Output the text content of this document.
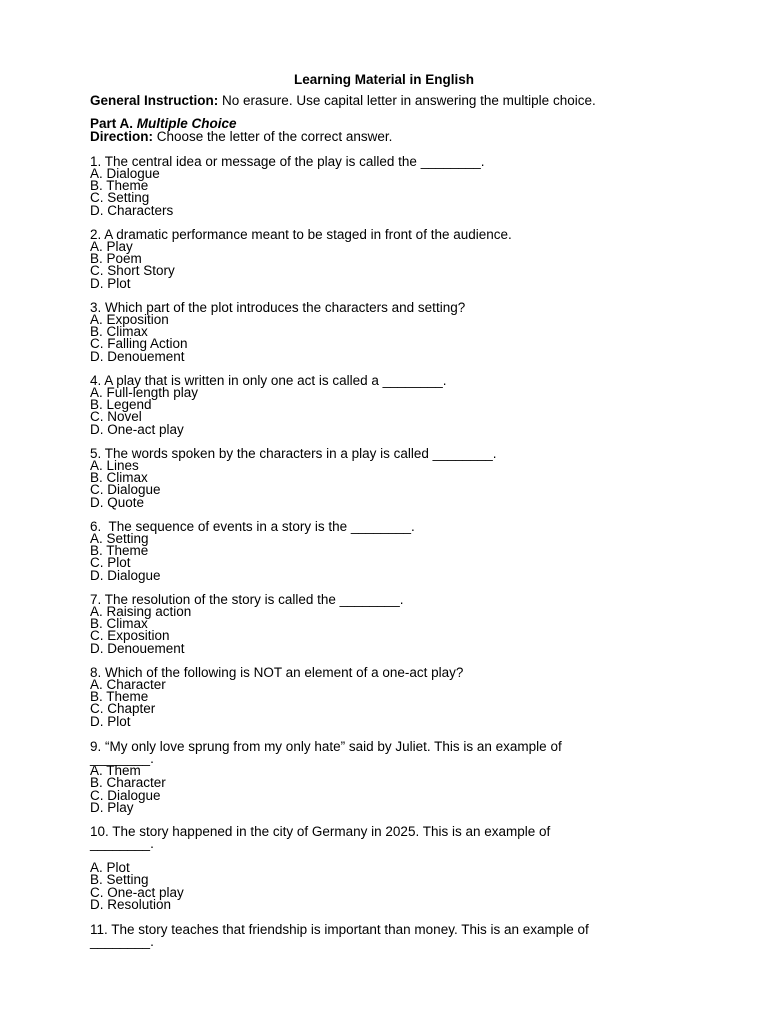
Learning Material in English
General Instruction: No erasure. Use capital letter in answering the multiple choice.
Part A. Multiple Choice
Direction: Choose the letter of the correct answer.
1. The central idea or message of the play is called the ________.
A. Dialogue
B. Theme
C. Setting
D. Characters
2. A dramatic performance meant to be staged in front of the audience.
A. Play
B. Poem
C. Short Story
D. Plot
3. Which part of the plot introduces the characters and setting?
A. Exposition
B. Climax
C. Falling Action
D. Denouement
4. A play that is written in only one act is called a ________.
A. Full-length play
B. Legend
C. Novel
D. One-act play
5. The words spoken by the characters in a play is called ________.
A. Lines
B. Climax
C. Dialogue
D. Quote
6.  The sequence of events in a story is the ________.
A. Setting
B. Theme
C. Plot
D. Dialogue
7. The resolution of the story is called the ________.
A. Raising action
B. Climax
C. Exposition
D. Denouement
8. Which of the following is NOT an element of a one-act play?
A. Character
B. Theme
C. Chapter
D. Plot
9. “My only love sprung from my only hate” said by Juliet. This is an example of
________.
A. Them
B. Character
C. Dialogue
D. Play
10. The story happened in the city of Germany in 2025. This is an example of
________.
A. Plot
B. Setting
C. One-act play
D. Resolution
11. The story teaches that friendship is important than money. This is an example of
________.
